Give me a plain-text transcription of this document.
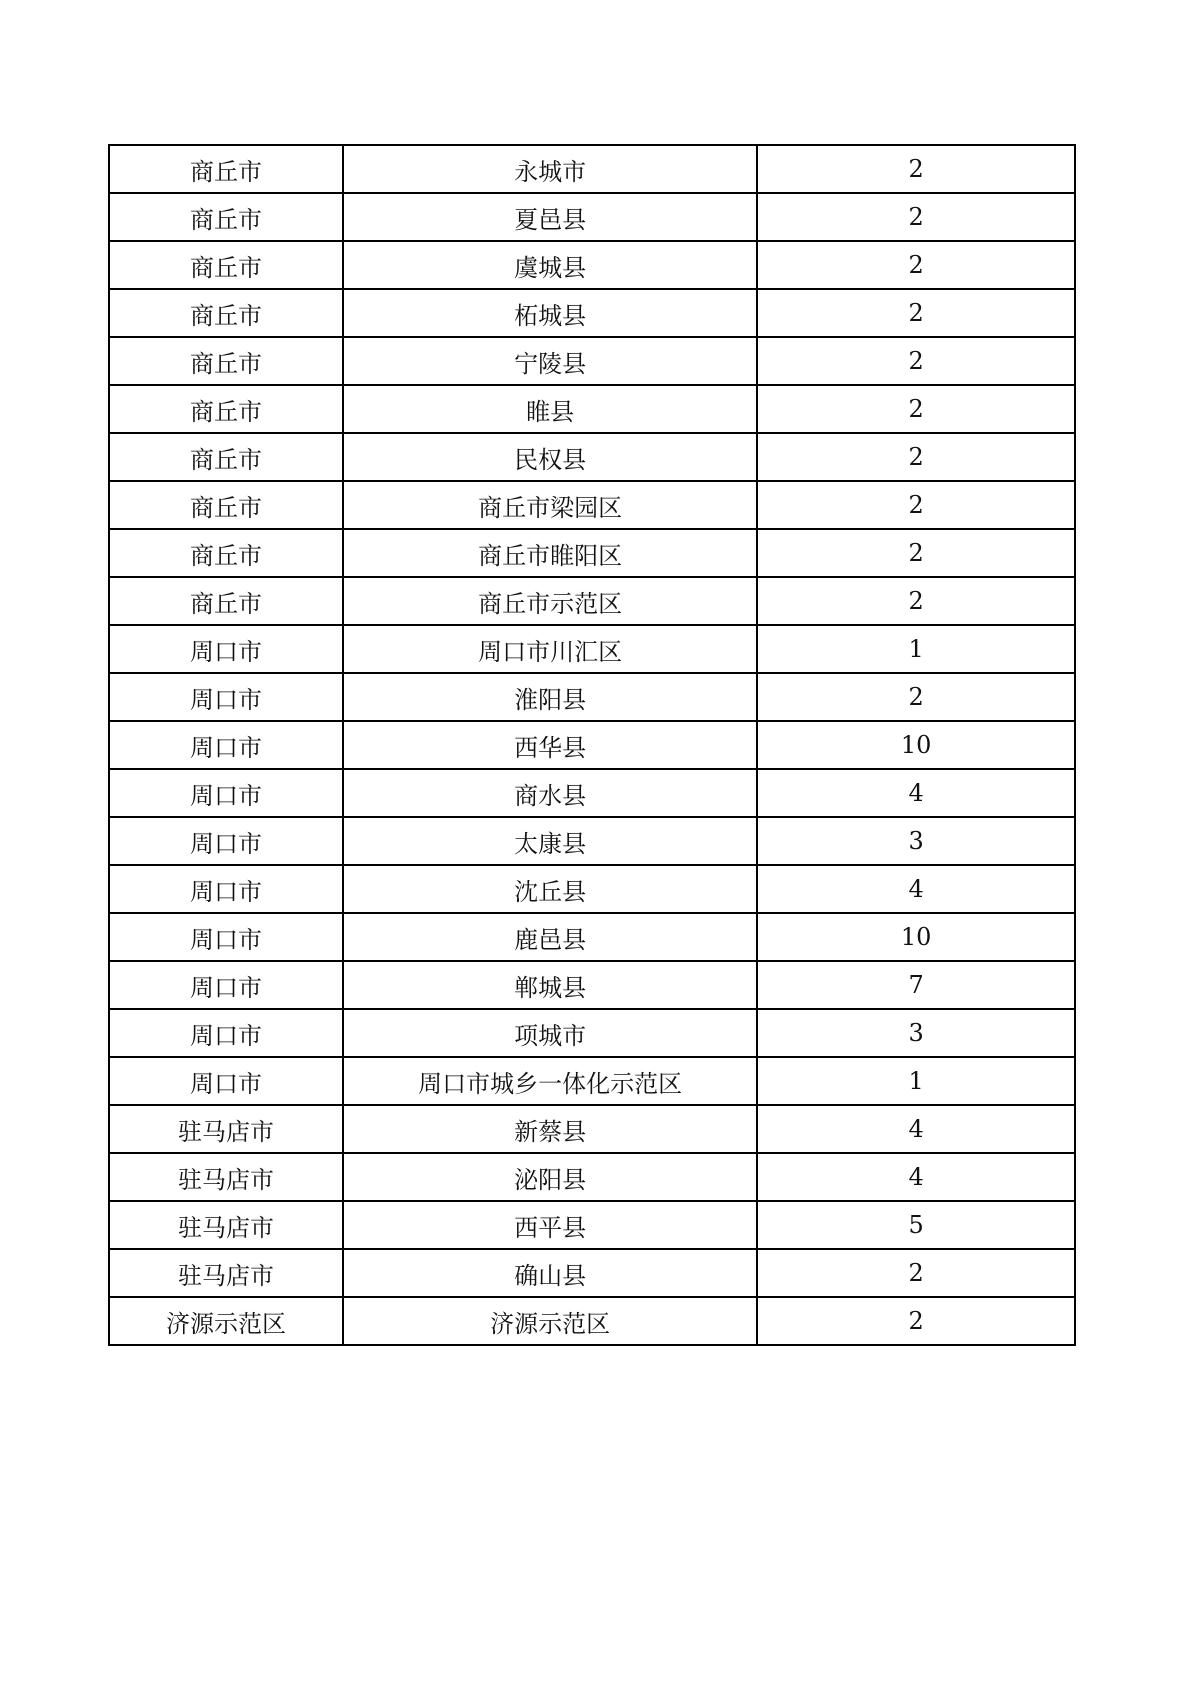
商丘市	永城市	2
商丘市	夏邑县	2
商丘市	虞城县	2
商丘市	柘城县	2
商丘市	宁陵县	2
商丘市	睢县	2
商丘市	民权县	2
商丘市	商丘市梁园区	2
商丘市	商丘市睢阳区	2
商丘市	商丘市示范区	2
周口市	周口市川汇区	1
周口市	淮阳县	2
周口市	西华县	10
周口市	商水县	4
周口市	太康县	3
周口市	沈丘县	4
周口市	鹿邑县	10
周口市	郸城县	7
周口市	项城市	3
周口市	周口市城乡一体化示范区	1
驻马店市	新蔡县	4
驻马店市	泌阳县	4
驻马店市	西平县	5
驻马店市	确山县	2
济源示范区	济源示范区	2
